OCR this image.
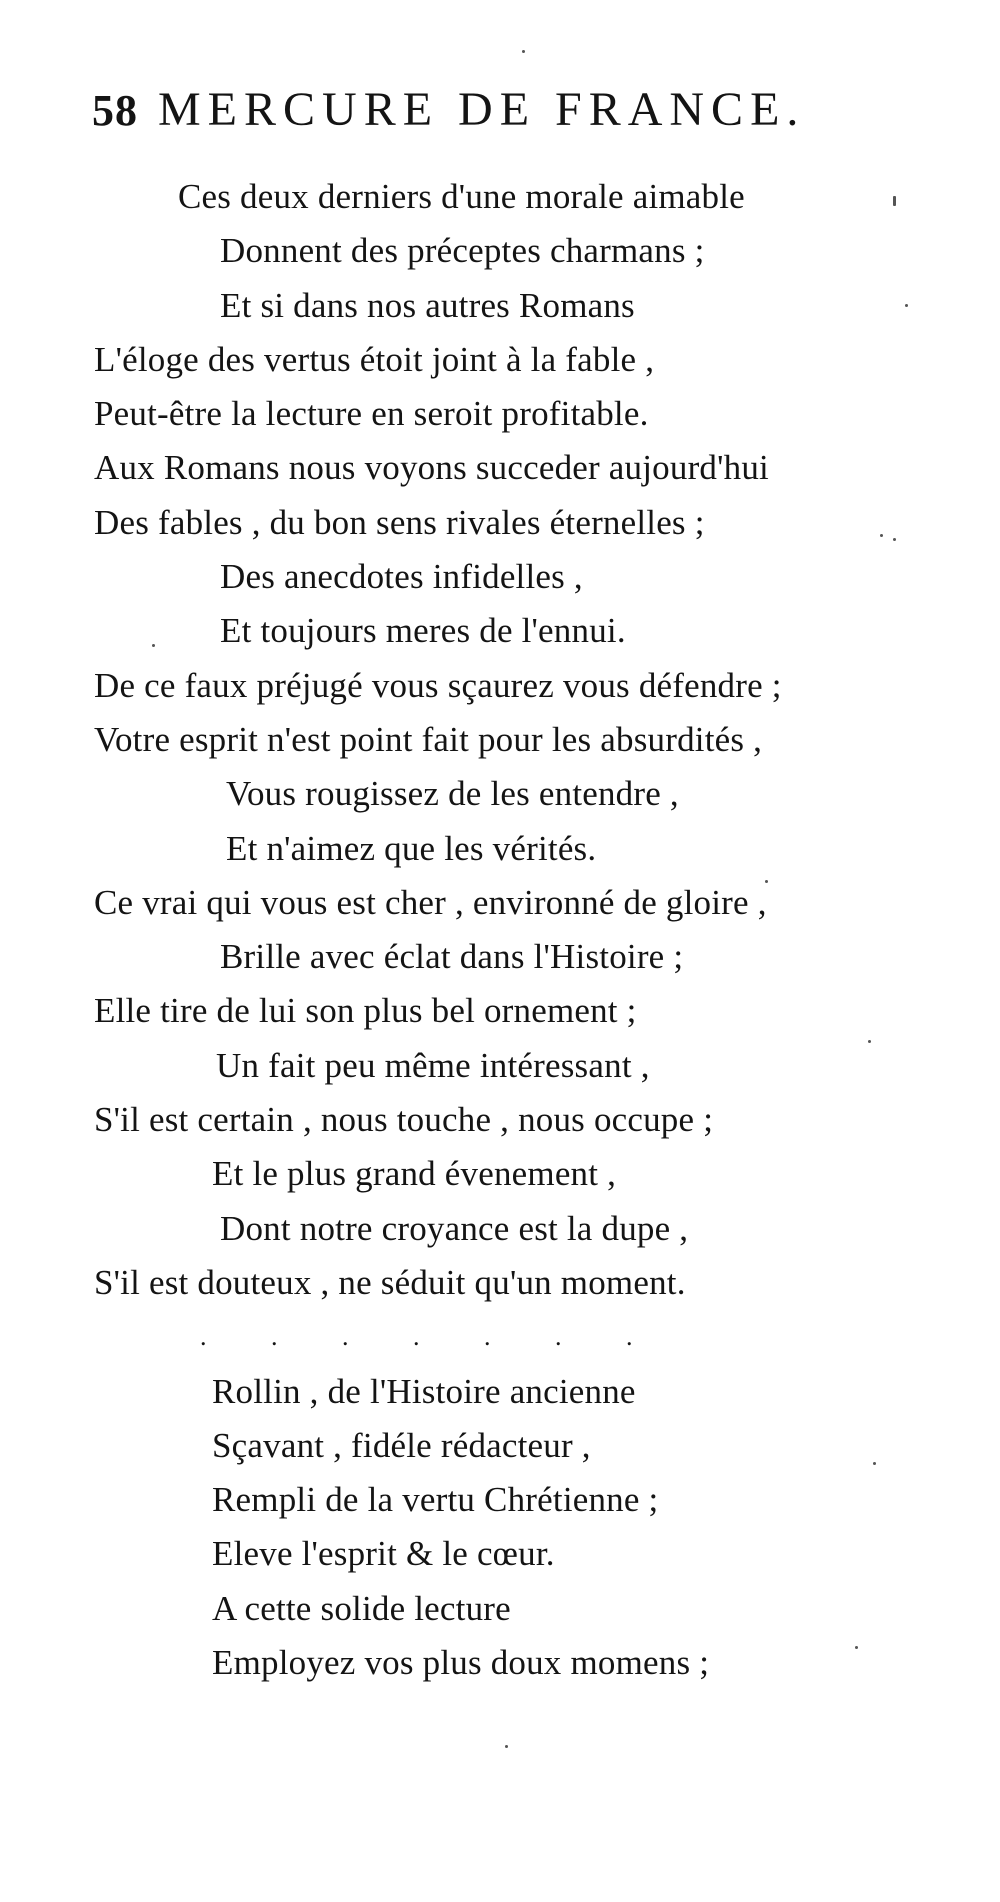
58 MERCURE DE FRANCE.
Ces deux derniers d'une morale aimable
Donnent des préceptes charmans ;
Et si dans nos autres Romans
L'éloge des vertus étoit joint à la fable ,
Peut-être la lecture en seroit profitable.
Aux Romans nous voyons succeder aujourd'hui
Des fables , du bon sens rivales éternelles ;
Des anecdotes infidelles ,
Et toujours meres de l'ennui.
De ce faux préjugé vous sçaurez vous défendre ;
Votre esprit n'est point fait pour les absurdités ,
Vous rougissez de les entendre ,
Et n'aimez que les vérités.
Ce vrai qui vous est cher , environné de gloire ,
Brille avec éclat dans l'Histoire ;
Elle tire de lui son plus bel ornement ;
Un fait peu même intéressant ,
S'il est certain , nous touche , nous occupe ;
Et le plus grand évenement ,
Dont notre croyance est la dupe ,
S'il est douteux , ne séduit qu'un moment.
. . . . . . .
Rollin , de l'Histoire ancienne
Sçavant , fidéle rédacteur ,
Rempli de la vertu Chrétienne ;
Eleve l'esprit & le cœur.
A cette solide lecture
Employez vos plus doux momens ;
